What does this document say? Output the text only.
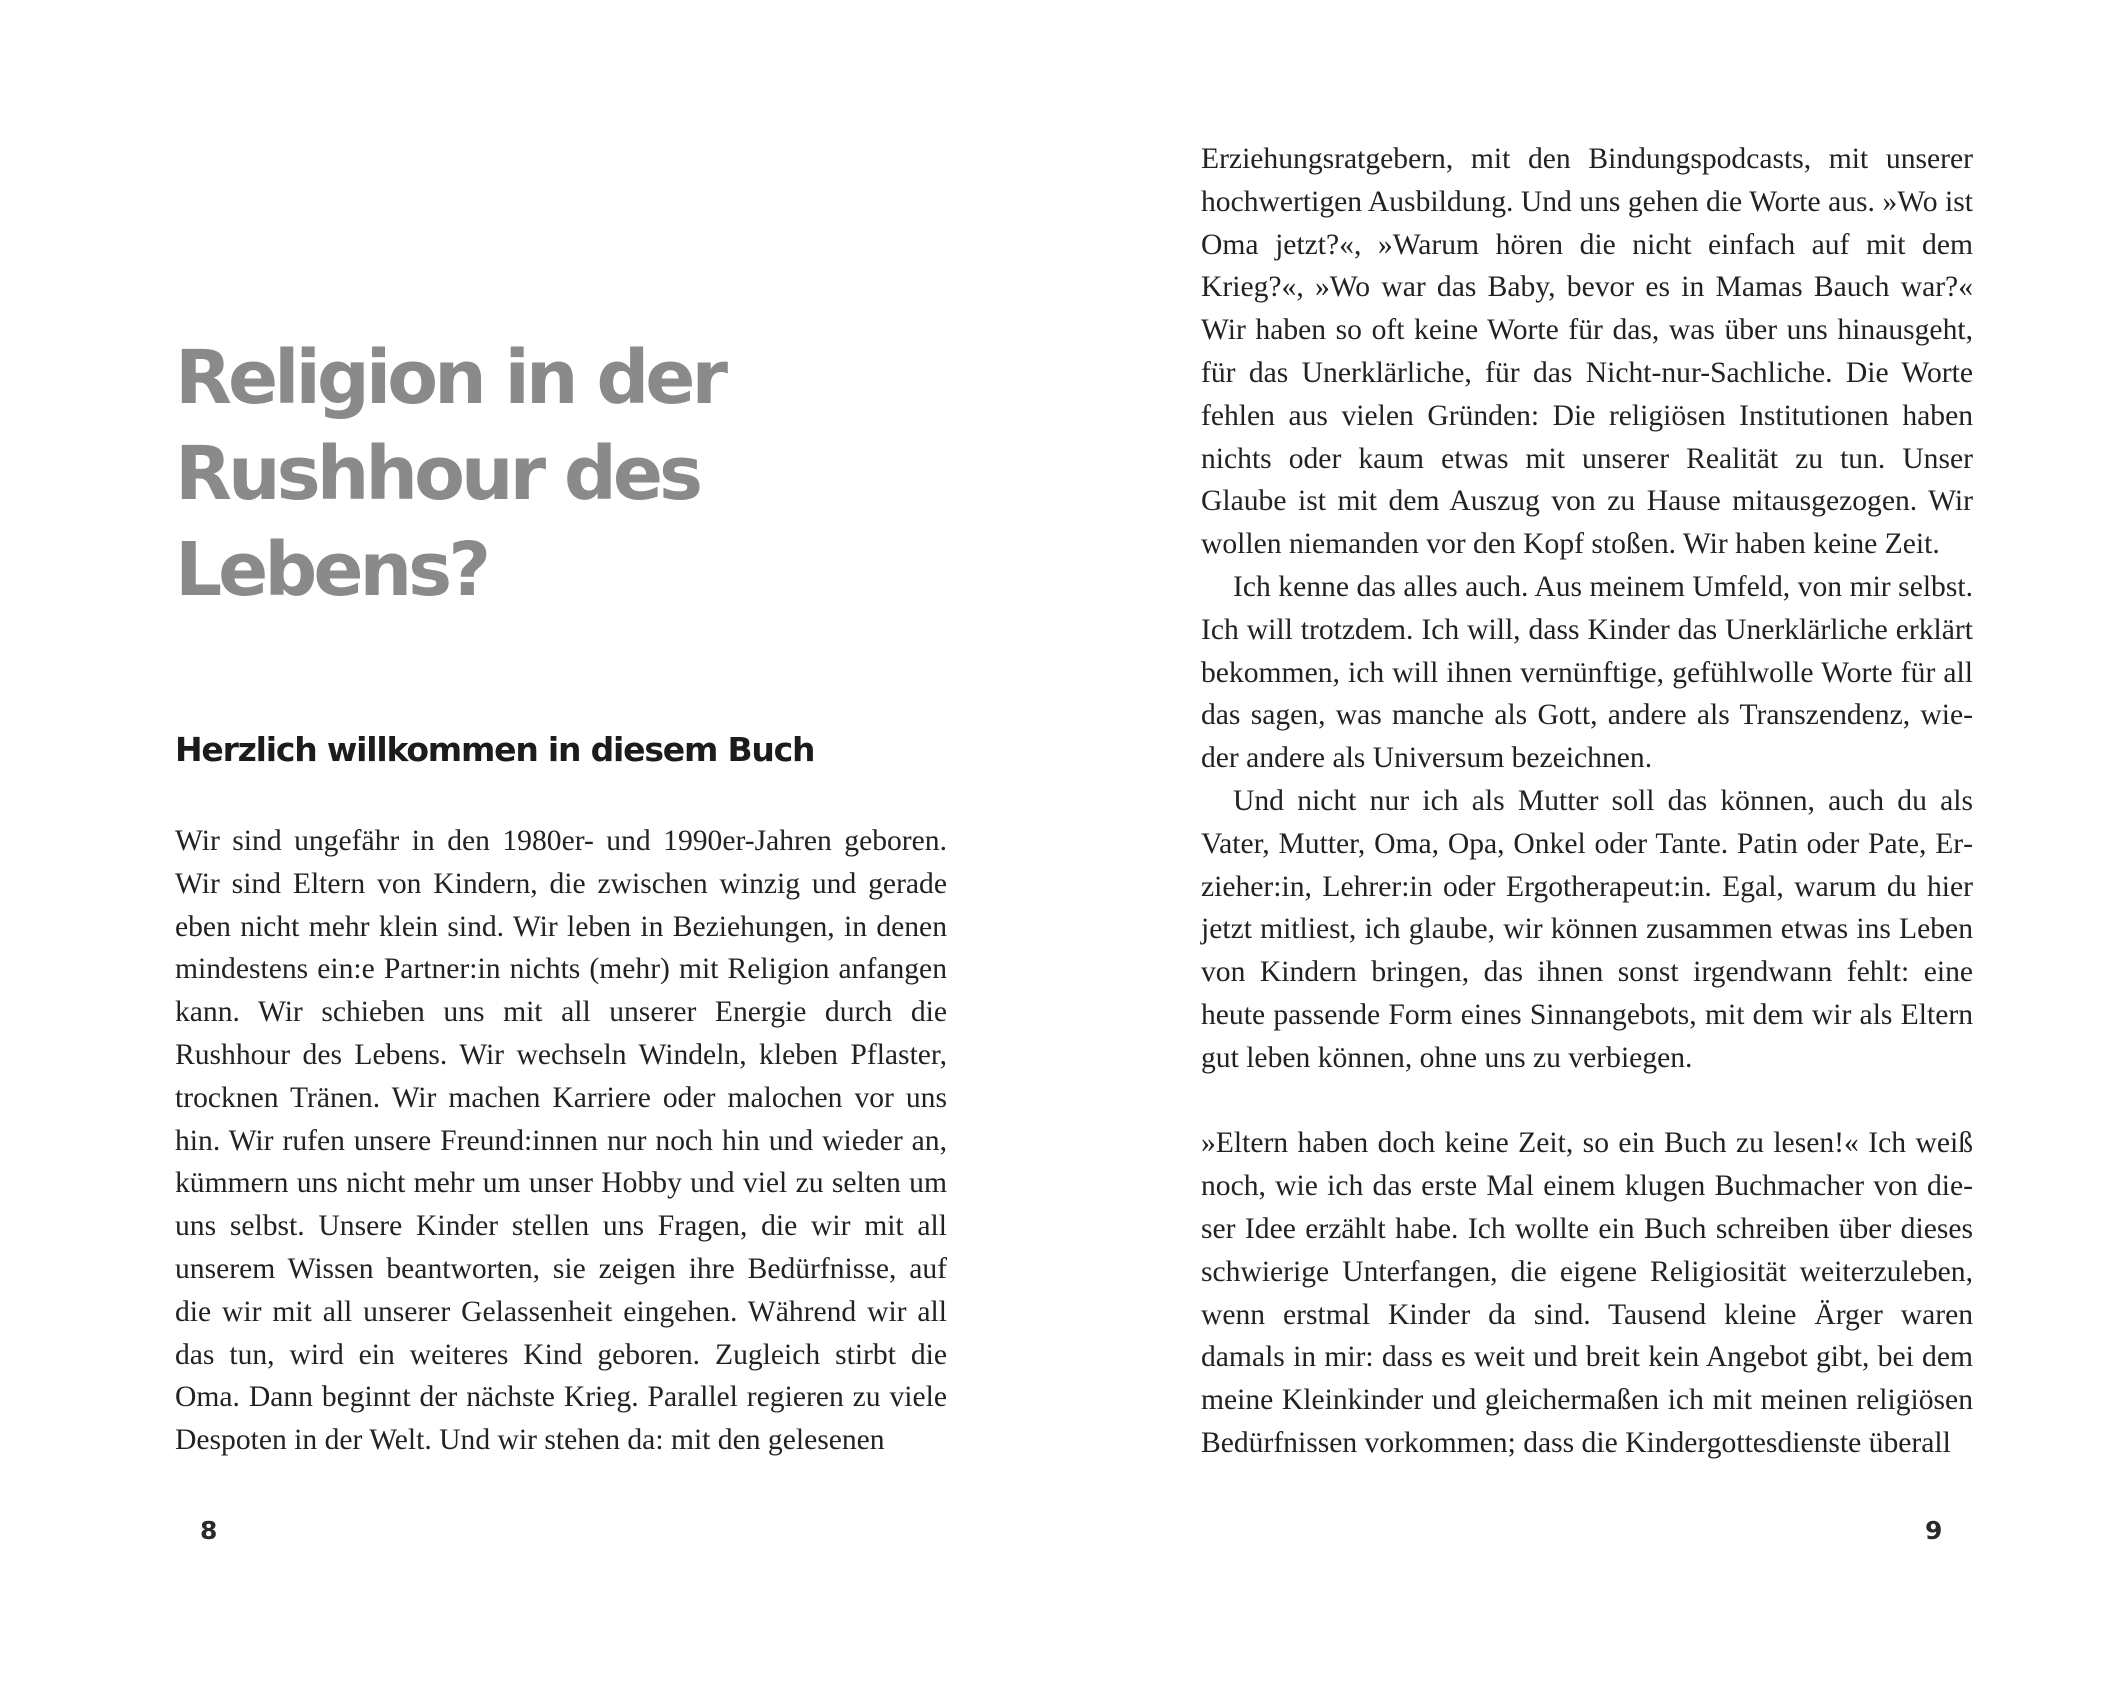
Religion in der
Rushhour des
Lebens?
Herzlich willkommen in diesem Buch

Wir sind ungefähr in den 1980er- und 1990er-Jahren geboren. Wir sind Eltern von Kindern, die zwischen winzig und gerade eben nicht mehr klein sind. Wir leben in Beziehungen, in denen mindestens ein:e Partner:in nichts (mehr) mit Religion anfangen kann. Wir schieben uns mit all unserer Energie durch die Rushhour des Lebens. Wir wechseln Windeln, kleben Pflaster, trocknen Tränen. Wir machen Karriere oder malochen vor uns hin. Wir rufen unsere Freund:innen nur noch hin und wieder an, kümmern uns nicht mehr um unser Hobby und viel zu selten um uns selbst. Unsere Kinder stellen uns Fragen, die wir mit all unserem Wissen beantworten, sie zeigen ihre Bedürfnisse, auf die wir mit all unserer Gelassenheit eingehen. Während wir all das tun, wird ein weiteres Kind geboren. Zugleich stirbt die Oma. Dann beginnt der nächste Krieg. Parallel regieren zu viele Despoten in der Welt. Und wir stehen da: mit den gelesenen

8

Erziehungsratgebern, mit den Bindungspodcasts, mit unserer hochwertigen Ausbildung. Und uns gehen die Worte aus. »Wo ist Oma jetzt?«, »Warum hören die nicht einfach auf mit dem Krieg?«, »Wo war das Baby, bevor es in Mamas Bauch war?« Wir haben so oft keine Worte für das, was über uns hinausgeht, für das Unerklärliche, für das Nicht-nur-Sachliche. Die Worte fehlen aus vielen Gründen: Die religiösen Institutionen haben nichts oder kaum etwas mit unserer Realität zu tun. Unser Glaube ist mit dem Auszug von zu Hause mitausgezogen. Wir wollen niemanden vor den Kopf stoßen. Wir haben keine Zeit.

Ich kenne das alles auch. Aus meinem Umfeld, von mir selbst. Ich will trotzdem. Ich will, dass Kinder das Unerklärliche erklärt bekommen, ich will ihnen vernünftige, gefühlwolle Worte für all das sagen, was manche als Gott, andere als Transzendenz, wieder andere als Universum bezeichnen.

Und nicht nur ich als Mutter soll das können, auch du als Vater, Mutter, Oma, Opa, Onkel oder Tante. Patin oder Pate, Erzieher:in, Lehrer:in oder Ergotherapeut:in. Egal, warum du hier jetzt mitliest, ich glaube, wir können zusammen etwas ins Leben von Kindern bringen, das ihnen sonst irgendwann fehlt: eine heute passende Form eines Sinnangebots, mit dem wir als Eltern gut leben können, ohne uns zu verbiegen.

»Eltern haben doch keine Zeit, so ein Buch zu lesen!« Ich weiß noch, wie ich das erste Mal einem klugen Buchmacher von dieser Idee erzählt habe. Ich wollte ein Buch schreiben über dieses schwierige Unterfangen, die eigene Religiosität weiterzuleben, wenn erstmal Kinder da sind. Tausend kleine Ärger waren damals in mir: dass es weit und breit kein Angebot gibt, bei dem meine Kleinkinder und gleichermaßen ich mit meinen religiösen Bedürfnissen vorkommen; dass die Kindergottesdienste überall

9
